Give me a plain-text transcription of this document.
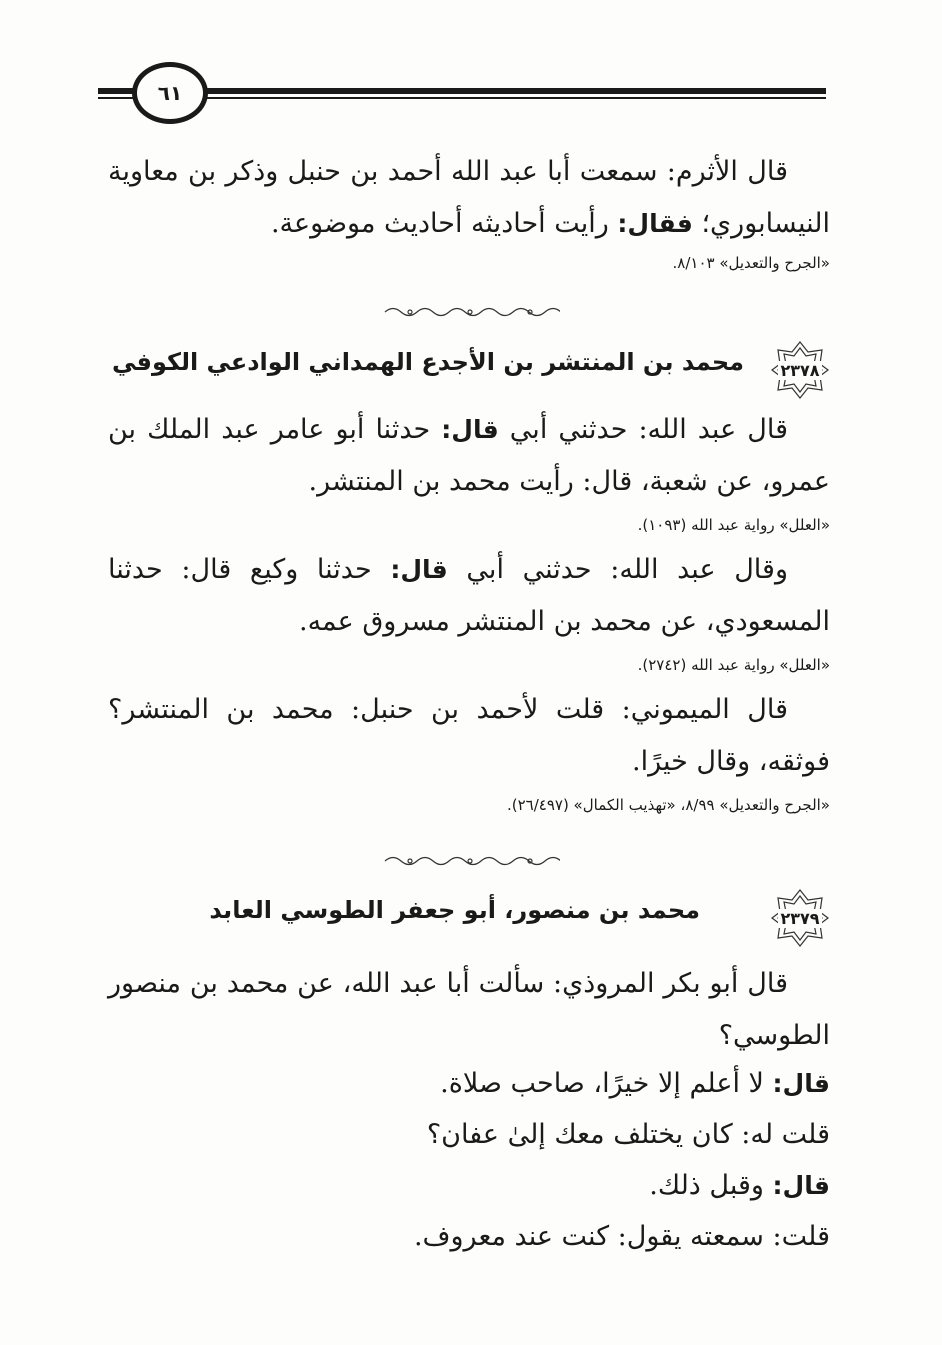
٦١

قال الأثرم: سمعت أبا عبد الله أحمد بن حنبل وذكر بن معاوية النيسابوري؛ فقال: رأيت أحاديثه أحاديث موضوعة.

«الجرح والتعديل» ٨/١٠٣.

٢٣٧٨
محمد بن المنتشر بن الأجدع الهمداني الوادعي الكوفي

قال عبد الله: حدثني أبي قال: حدثنا أبو عامر عبد الملك بن عمرو، عن شعبة، قال: رأيت محمد بن المنتشر.

«العلل» رواية عبد الله (١٠٩٣).

وقال عبد الله: حدثني أبي قال: حدثنا وكيع قال: حدثنا المسعودي، عن محمد بن المنتشر مسروق عمه.

«العلل» رواية عبد الله (٢٧٤٢).

قال الميموني: قلت لأحمد بن حنبل: محمد بن المنتشر؟ فوثقه، وقال خيرًا.

«الجرح والتعديل» ٨/٩٩، «تهذيب الكمال» (٢٦/٤٩٧).

٢٣٧٩
محمد بن منصور، أبو جعفر الطوسي العابد

قال أبو بكر المروذي: سألت أبا عبد الله، عن محمد بن منصور الطوسي؟

قال: لا أعلم إلا خيرًا، صاحب صلاة.

قلت له: كان يختلف معك إلىٰ عفان؟

قال: وقبل ذلك.

قلت: سمعته يقول: كنت عند معروف.
